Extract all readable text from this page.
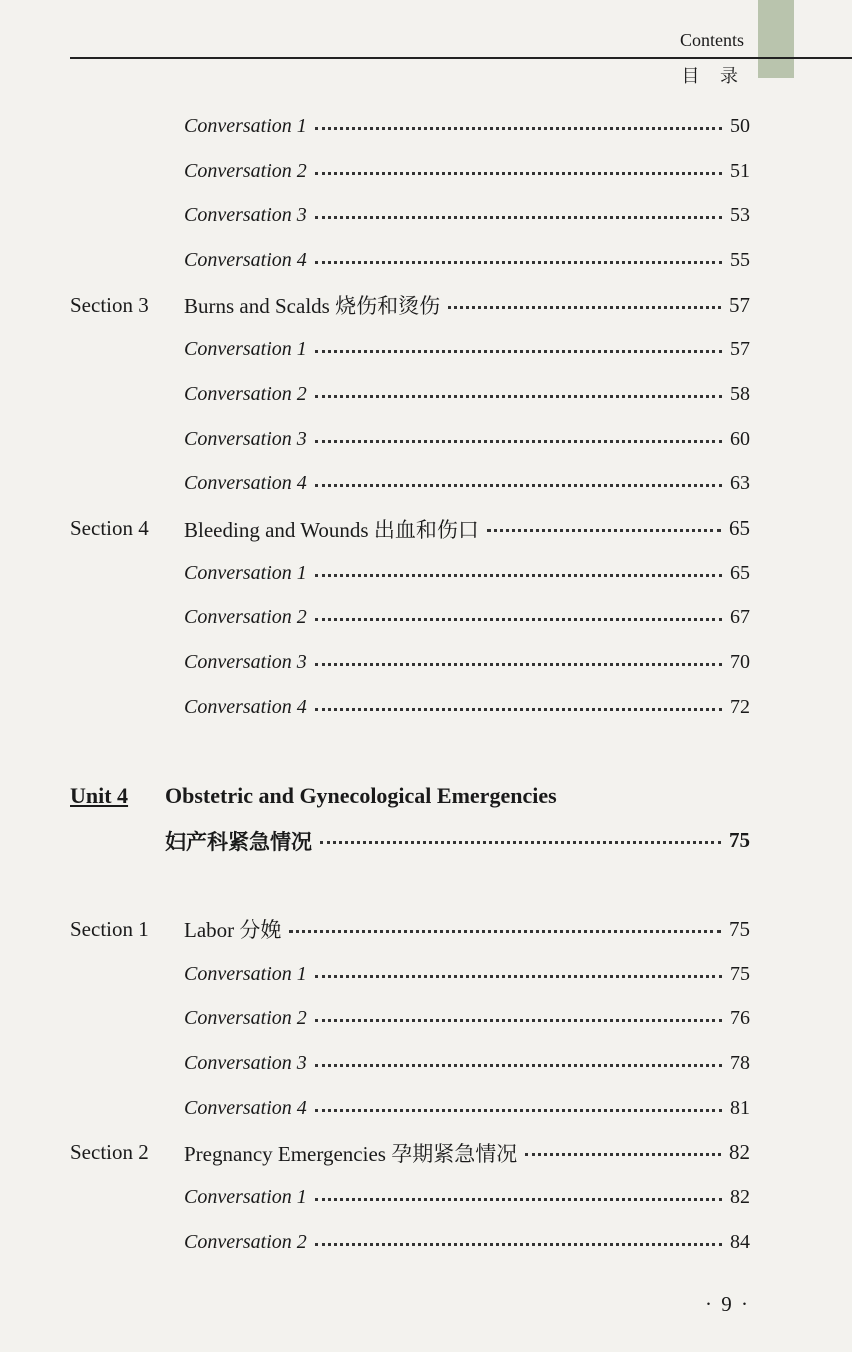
Contents
目 录
Conversation 1	50
Conversation 2	51
Conversation 3	53
Conversation 4	55
Section 3	Burns and Scalds 烧伤和烫伤	57
Conversation 1	57
Conversation 2	58
Conversation 3	60
Conversation 4	63
Section 4	Bleeding and Wounds 出血和伤口	65
Conversation 1	65
Conversation 2	67
Conversation 3	70
Conversation 4	72
Unit 4	Obstetric and Gynecological Emergencies
妇产科紧急情况	75
Section 1	Labor 分娩	75
Conversation 1	75
Conversation 2	76
Conversation 3	78
Conversation 4	81
Section 2	Pregnancy Emergencies 孕期紧急情况	82
Conversation 1	82
Conversation 2	84
· 9 ·
